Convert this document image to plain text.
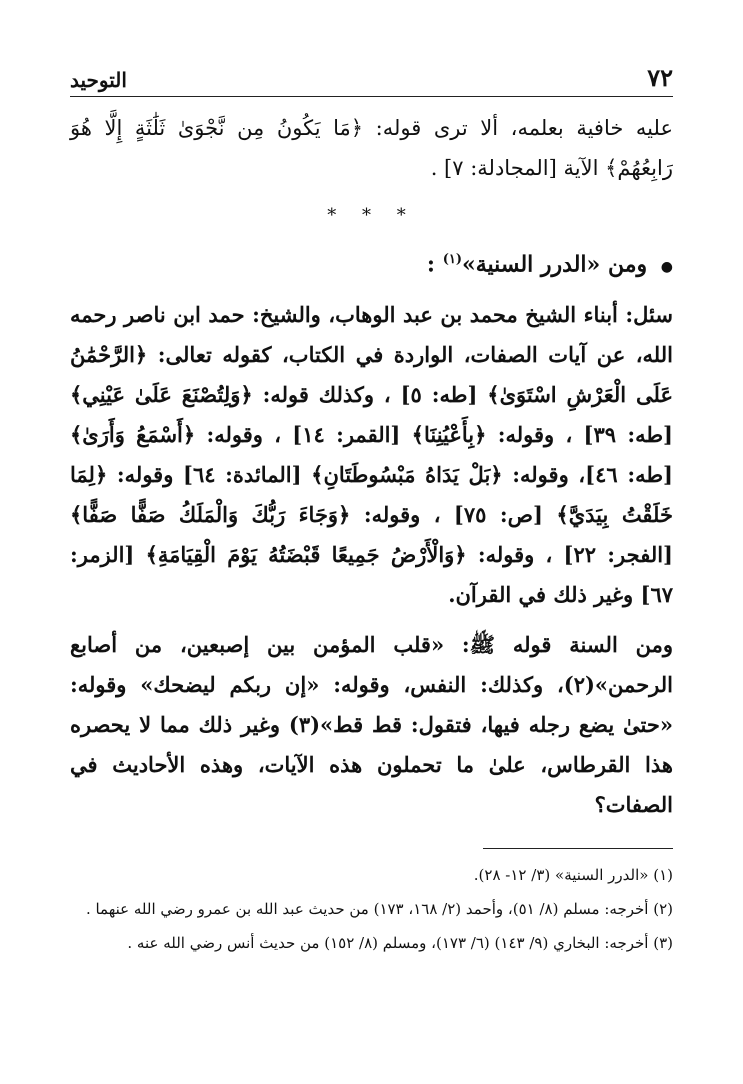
٧٢
التوحيد

عليه خافية بعلمه، ألا ترى قوله: ﴿مَا يَكُونُ مِن نَّجْوَىٰ ثَلَٰثَةٍ إِلَّا هُوَ رَابِعُهُمْ﴾ الآية [المجادلة: ٧] .

* * *
● ومن «الدرر السنية»$^{(١)}$ :

سئل: أبناء الشيخ محمد بن عبد الوهاب، والشيخ: حمد ابن ناصر رحمه الله، عن آيات الصفات، الواردة في الكتاب، كقوله تعالى: ﴿الرَّحْمَٰنُ عَلَى الْعَرْشِ اسْتَوَىٰ﴾ [طه: ٥] ، وكذلك قوله: ﴿وَلِتُصْنَعَ عَلَىٰ عَيْنِي﴾ [طه: ٣٩] ، وقوله: ﴿بِأَعْيُنِنَا﴾ [القمر: ١٤] ، وقوله: ﴿أَسْمَعُ وَأَرَىٰ﴾ [طه: ٤٦]، وقوله: ﴿بَلْ يَدَاهُ مَبْسُوطَتَانِ﴾ [المائدة: ٦٤] وقوله: ﴿لِمَا خَلَقْتُ بِيَدَيَّ﴾ [ص: ٧٥] ، وقوله: ﴿وَجَاءَ رَبُّكَ وَالْمَلَكُ صَفًّا صَفًّا﴾ [الفجر: ٢٢] ، وقوله: ﴿وَالْأَرْضُ جَمِيعًا قَبْضَتُهُ يَوْمَ الْقِيَامَةِ﴾ [الزمر: ٦٧] وغير ذلك في القرآن.

ومن السنة قوله ﷺ: «قلب المؤمن بين إصبعين، من أصابع الرحمن»(٢)، وكذلك: النفس، وقوله: «إن ربكم ليضحك» وقوله: «حتىٰ يضع رجله فيها، فتقول: قط قط»(٣) وغير ذلك مما لا يحصره هذا القرطاس، علىٰ ما تحملون هذه الآيات، وهذه الأحاديث في الصفات؟

(١) «الدرر السنية» (٣/ ١٢- ٢٨).

(٢) أخرجه: مسلم (٨/ ٥١)، وأحمد (٢/ ١٦٨، ١٧٣) من حديث عبد الله بن عمرو رضي الله عنهما .

(٣) أخرجه: البخاري (٩/ ١٤٣) (٦/ ١٧٣)، ومسلم (٨/ ١٥٢) من حديث أنس رضي الله عنه .
